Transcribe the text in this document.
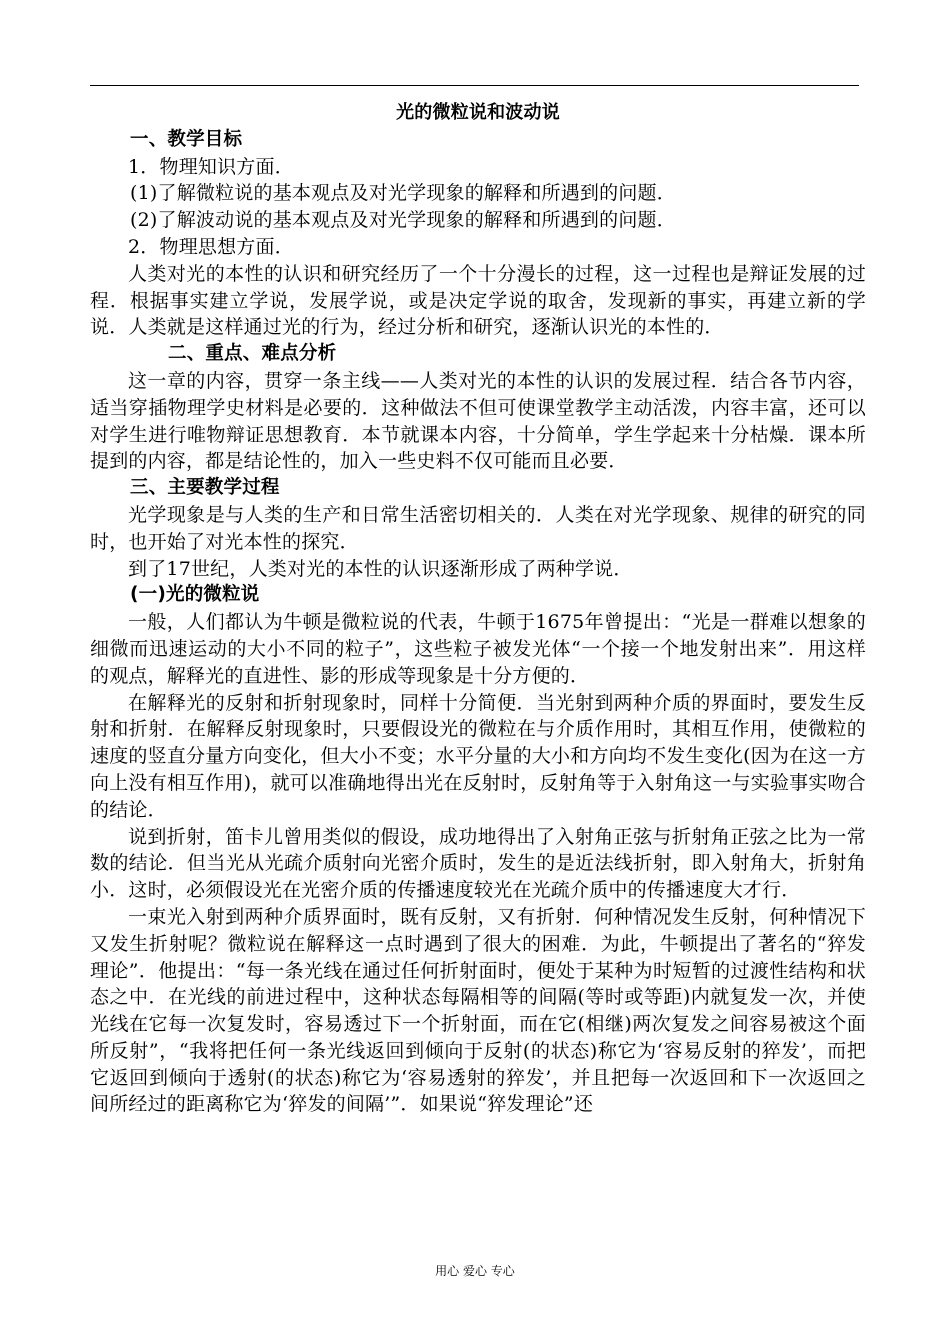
光的微粒说和波动说

一、教学目标

1．物理知识方面．

(1)了解微粒说的基本观点及对光学现象的解释和所遇到的问题．

(2)了解波动说的基本观点及对光学现象的解释和所遇到的问题．

2．物理思想方面．

人类对光的本性的认识和研究经历了一个十分漫长的过程，这一过程也是辩证发展的过程．根据事实建立学说，发展学说，或是决定学说的取舍，发现新的事实，再建立新的学说．人类就是这样通过光的行为，经过分析和研究，逐渐认识光的本性的．

二、重点、难点分析

这一章的内容，贯穿一条主线——人类对光的本性的认识的发展过程．结合各节内容，适当穿插物理学史材料是必要的．这种做法不但可使课堂教学主动活泼，内容丰富，还可以对学生进行唯物辩证思想教育．本节就课本内容，十分简单，学生学起来十分枯燥．课本所提到的内容，都是结论性的，加入一些史料不仅可能而且必要．

三、主要教学过程

光学现象是与人类的生产和日常生活密切相关的．人类在对光学现象、规律的研究的同时，也开始了对光本性的探究．

到了17世纪，人类对光的本性的认识逐渐形成了两种学说．

(一)光的微粒说

一般，人们都认为牛顿是微粒说的代表，牛顿于1675年曾提出：“光是一群难以想象的细微而迅速运动的大小不同的粒子”，这些粒子被发光体“一个接一个地发射出来”．用这样的观点，解释光的直进性、影的形成等现象是十分方便的．

在解释光的反射和折射现象时，同样十分简便．当光射到两种介质的界面时，要发生反射和折射．在解释反射现象时，只要假设光的微粒在与介质作用时，其相互作用，使微粒的速度的竖直分量方向变化，但大小不变；水平分量的大小和方向均不发生变化(因为在这一方向上没有相互作用)，就可以准确地得出光在反射时，反射角等于入射角这一与实验事实吻合的结论．

说到折射，笛卡儿曾用类似的假设，成功地得出了入射角正弦与折射角正弦之比为一常数的结论．但当光从光疏介质射向光密介质时，发生的是近法线折射，即入射角大，折射角小．这时，必须假设光在光密介质的传播速度较光在光疏介质中的传播速度大才行．

一束光入射到两种介质界面时，既有反射，又有折射．何种情况发生反射，何种情况下又发生折射呢？微粒说在解释这一点时遇到了很大的困难．为此，牛顿提出了著名的“猝发理论”．他提出：“每一条光线在通过任何折射面时，便处于某种为时短暂的过渡性结构和状态之中．在光线的前进过程中，这种状态每隔相等的间隔(等时或等距)内就复发一次，并使光线在它每一次复发时，容易透过下一个折射面，而在它(相继)两次复发之间容易被这个面所反射”，“我将把任何一条光线返回到倾向于反射(的状态)称它为‘容易反射的猝发’，而把它返回到倾向于透射(的状态)称它为‘容易透射的猝发’，并且把每一次返回和下一次返回之间所经过的距离称它为‘猝发的间隔’”．如果说“猝发理论”还

用心 爱心 专心
